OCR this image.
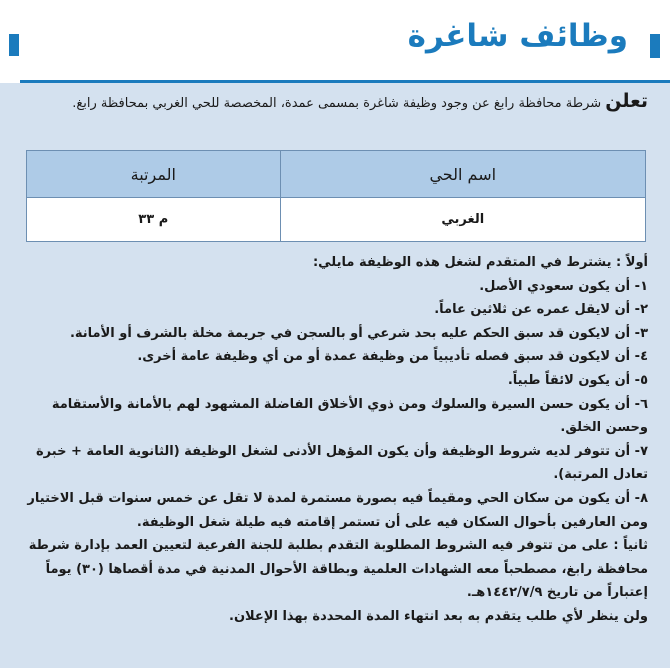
وظائف شاغرة
تعلن شرطة محافظة رابغ عن وجود وظيفة شاغرة بمسمى عمدة، المخصصة للحي الغربي بمحافظة رابغ.
اسم الحي	المرتبة
الغربي	م ٣٣

أولاً : يشترط في المتقدم لشغل هذه الوظيفة مايلي:

١- أن يكون سعودي الأصل.

٢- أن لايقل عمره عن ثلاثين عاماً.

٣- أن لايكون قد سبق الحكم عليه بحد شرعي أو بالسجن في جريمة مخلة بالشرف أو الأمانة.

٤- أن لايكون قد سبق فصله تأديبياً من وظيفة عمدة أو من أي وظيفة عامة أخرى.

٥- أن يكون لائقاً طبياً.

٦- أن يكون حسن السيرة والسلوك ومن ذوي الأخلاق الفاضلة المشهود لهم بالأمانة والأستقامة وحسن الخلق.

٧- أن تتوفر لديه شروط الوظيفة وأن يكون المؤهل الأدنى لشغل الوظيفة (الثانوية العامة + خبرة تعادل المرتبة).

٨- أن يكون من سكان الحي ومقيماً فيه بصورة مستمرة لمدة لا تقل عن خمس سنوات قبل الاختيار ومن العارفين بأحوال السكان فيه على أن تستمر إقامته فيه طيلة شغل الوظيفة.

ثانياً : على من تتوفر فيه الشروط المطلوبة التقدم بطلبة للجنة الفرعية لتعيين العمد بإدارة شرطة محافظة رابغ، مصطحباً معه الشهادات العلمية وبطاقة الأحوال المدنية في مدة أقصاها (٣٠) يوماً إعتباراً من تاريخ ١٤٤٢/٧/٩هـ.

ولن ينظر لأي طلب يتقدم به بعد انتهاء المدة المحددة بهذا الإعلان.
